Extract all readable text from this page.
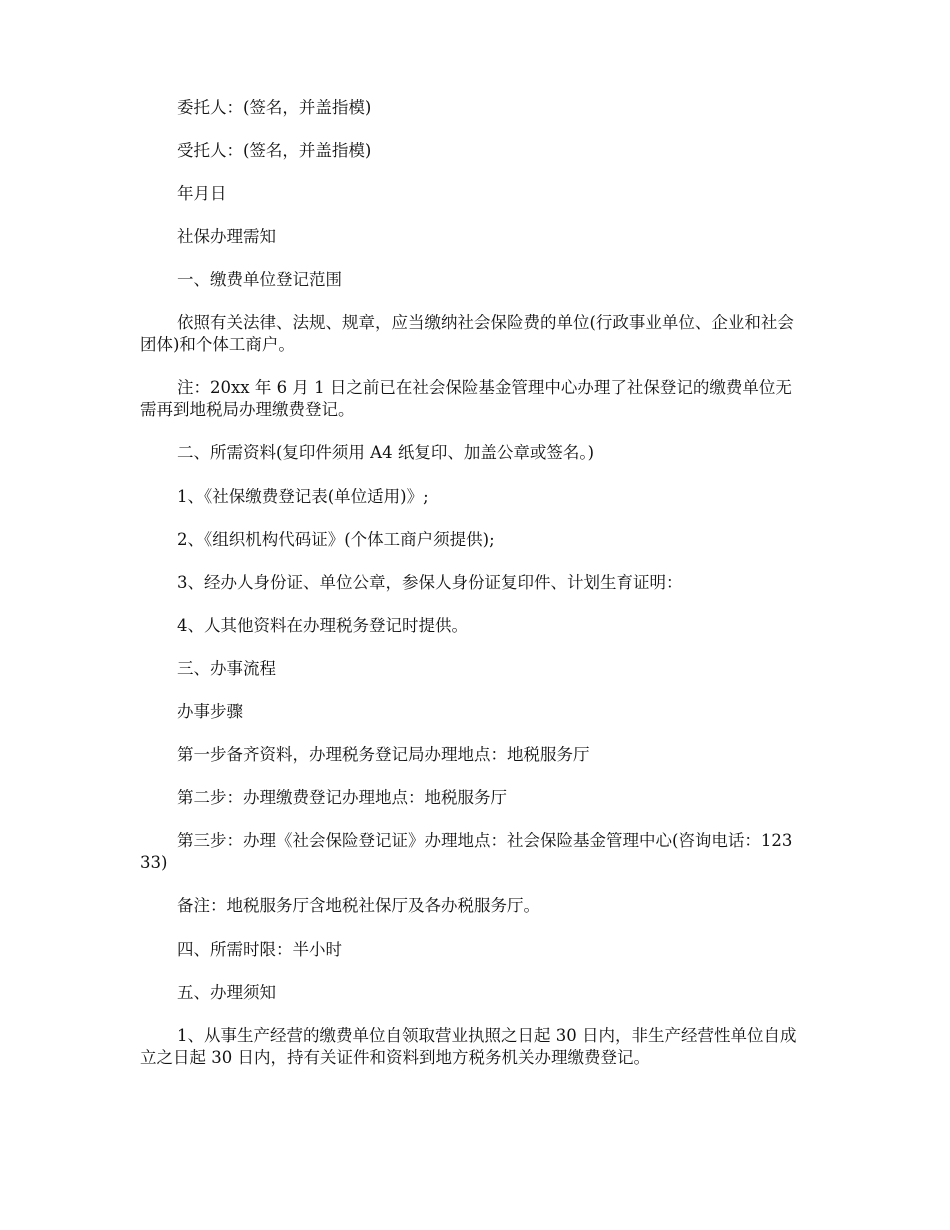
委托人：(签名，并盖指模)

受托人：(签名，并盖指模)

年月日

社保办理需知

一、缴费单位登记范围

依照有关法律、法规、规章，应当缴纳社会保险费的单位(行政事业单位、企业和社会团体)和个体工商户。

注：20xx 年 6 月 1 日之前已在社会保险基金管理中心办理了社保登记的缴费单位无需再到地税局办理缴费登记。

二、所需资料(复印件须用 A4 纸复印、加盖公章或签名。)

1、《社保缴费登记表(单位适用)》;

2、《组织机构代码证》(个体工商户须提供);

3、经办人身份证、单位公章，参保人身份证复印件、计划生育证明：

4、人其他资料在办理税务登记时提供。

三、办事流程

办事步骤

第一步备齐资料，办理税务登记局办理地点：地税服务厅

第二步：办理缴费登记办理地点：地税服务厅

第三步：办理《社会保险登记证》办理地点：社会保险基金管理中心(咨询电话：12333)

备注：地税服务厅含地税社保厅及各办税服务厅。

四、所需时限：半小时

五、办理须知

1、从事生产经营的缴费单位自领取营业执照之日起 30 日内，非生产经营性单位自成立之日起 30 日内，持有关证件和资料到地方税务机关办理缴费登记。
